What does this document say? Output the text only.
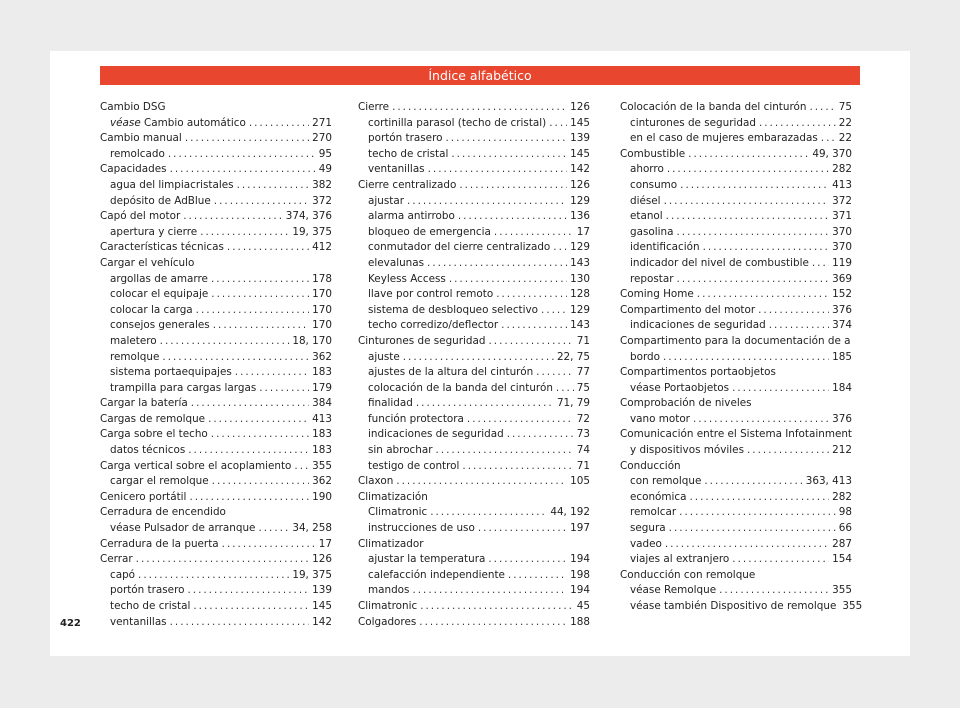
Índice alfabético
Cambio DSG
véase Cambio automático .....	271
Cambio manual .....	270
remolcado .....	95
Capacidades .....	49
agua del limpiacristales .....	382
depósito de AdBlue .....	372
Capó del motor .....	374, 376
apertura y cierre .....	19, 375
Características técnicas .....	412
Cargar el vehículo
argollas de amarre .....	178
colocar el equipaje .....	170
colocar la carga .....	170
consejos generales .....	170
maletero .....	18, 170
remolque .....	362
sistema portaequipajes .....	183
trampilla para cargas largas .....	179
Cargar la batería .....	384
Cargas de remolque .....	413
Carga sobre el techo .....	183
datos técnicos .....	183
Carga vertical sobre el acoplamiento ..... 355
cargar el remolque .....	362
Cenicero portátil .....	190
Cerradura de encendido
véase Pulsador de arranque .....	34, 258
Cerradura de la puerta .....	17
Cerrar .....	126
capó .....	19, 375
portón trasero .....	139
techo de cristal .....	145
ventanillas .....	142
Cierre .....	126
cortinilla parasol (techo de cristal) ..... 145
portón trasero .....	139
techo de cristal .....	145
ventanillas .....	142
Cierre centralizado .....	126
ajustar .....	129
alarma antirrobo .....	136
bloqueo de emergencia .....	17
conmutador del cierre centralizado ..... 129
elevalunas .....	143
Keyless Access .....	130
llave por control remoto .....	128
sistema de desbloqueo selectivo .....	129
techo corredizo/deflector .....	143
Cinturones de seguridad .....	71
ajuste .....	22, 75
ajustes de la altura del cinturón .....	77
colocación de la banda del cinturón ..... 75
finalidad .....	71, 79
función protectora .....	72
indicaciones de seguridad .....	73
sin abrochar .....	74
testigo de control .....	71
Claxon .....	105
Climatización
Climatronic .....	44, 192
instrucciones de uso .....	197
Climatizador
ajustar la temperatura .....	194
calefacción independiente .....	198
mandos .....	194
Climatronic .....	45
Colgadores .....	188
Colocación de la banda del cinturón .....	75
cinturones de seguridad .....	22
en el caso de mujeres embarazadas ..... 22
Combustible .....	49, 370
ahorro .....	282
consumo .....	413
diésel .....	372
etanol .....	371
gasolina .....	370
identificación .....	370
indicador del nivel de combustible ..... 119
repostar .....	369
Coming Home .....	152
Compartimento del motor .....	376
indicaciones de seguridad .....	374
Compartimento para la documentación de a
bordo .....	185
Compartimentos portaobjetos
véase Portaobjetos .....	184
Comprobación de niveles
vano motor .....	376
Comunicación entre el Sistema Infotainment
y dispositivos móviles .....	212
Conducción
con remolque .....	363, 413
económica .....	282
remolcar .....	98
segura .....	66
vadeo .....	287
viajes al extranjero .....	154
Conducción con remolque
véase Remolque .....	355
véase también Dispositivo de remolque 355
422
